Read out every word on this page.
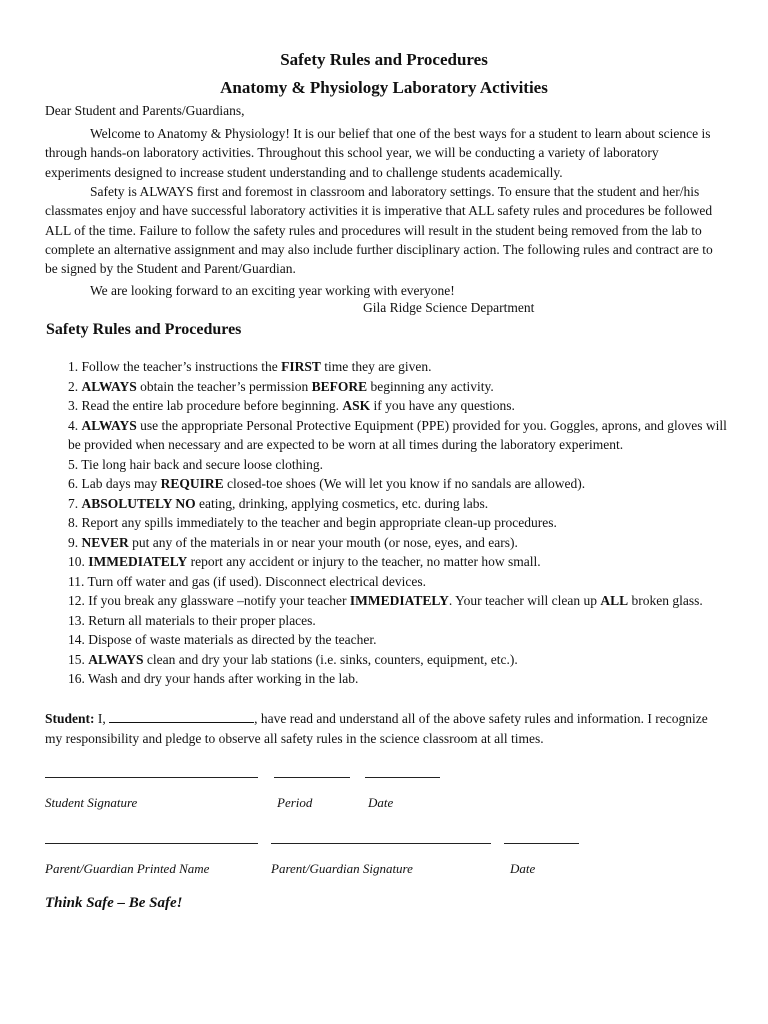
Safety Rules and Procedures
Anatomy & Physiology Laboratory Activities
Dear Student and Parents/Guardians,

Welcome to Anatomy & Physiology! It is our belief that one of the best ways for a student to learn about science is through hands-on laboratory activities. Throughout this school year, we will be conducting a variety of laboratory experiments designed to increase student understanding and to challenge students academically.

Safety is ALWAYS first and foremost in classroom and laboratory settings. To ensure that the student and her/his classmates enjoy and have successful laboratory activities it is imperative that ALL safety rules and procedures be followed ALL of the time. Failure to follow the safety rules and procedures will result in the student being removed from the lab to complete an alternative assignment and may also include further disciplinary action. The following rules and contract are to be signed by the Student and Parent/Guardian.

We are looking forward to an exciting year working with everyone!

Gila Ridge Science Department
Safety Rules and Procedures

1. Follow the teacher’s instructions the FIRST time they are given.

2. ALWAYS obtain the teacher’s permission BEFORE beginning any activity.

3. Read the entire lab procedure before beginning. ASK if you have any questions.

4. ALWAYS use the appropriate Personal Protective Equipment (PPE) provided for you. Goggles, aprons, and gloves will be provided when necessary and are expected to be worn at all times during the laboratory experiment.

5. Tie long hair back and secure loose clothing.

6. Lab days may REQUIRE closed-toe shoes (We will let you know if no sandals are allowed).

7. ABSOLUTELY NO eating, drinking, applying cosmetics, etc. during labs.

8. Report any spills immediately to the teacher and begin appropriate clean-up procedures.

9. NEVER put any of the materials in or near your mouth (or nose, eyes, and ears).

10. IMMEDIATELY report any accident or injury to the teacher, no matter how small.

11. Turn off water and gas (if used). Disconnect electrical devices.

12. If you break any glassware –notify your teacher IMMEDIATELY. Your teacher will clean up ALL broken glass.

13. Return all materials to their proper places.

14. Dispose of waste materials as directed by the teacher.

15. ALWAYS clean and dry your lab stations (i.e. sinks, counters, equipment, etc.).

16. Wash and dry your hands after working in the lab.

Student: I,	, have read and understand all of the above safety rules and information. I recognize my responsibility and pledge to observe all safety rules in the science classroom at all times.

Student Signature	Period	Date
Parent/Guardian Printed Name	Parent/Guardian Signature	Date
Think Safe – Be Safe!
